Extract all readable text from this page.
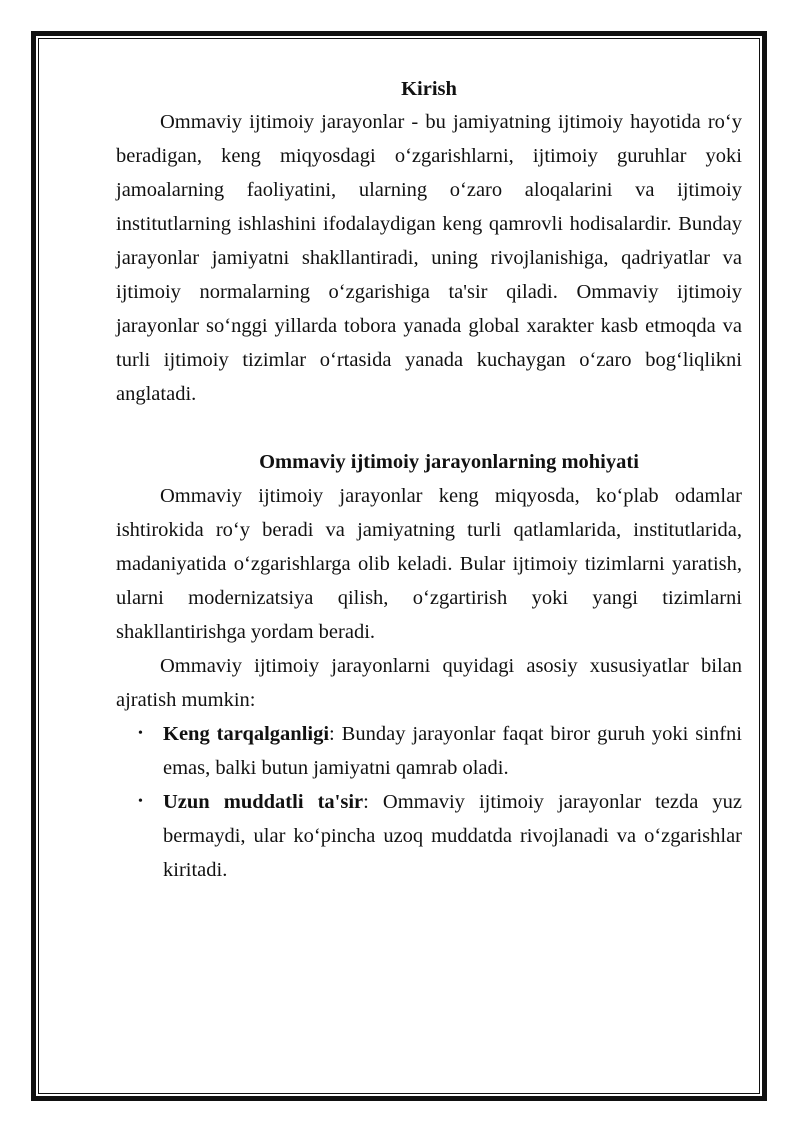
Kirish

Ommaviy ijtimoiy jarayonlar - bu jamiyatning ijtimoiy hayotida ro‘y beradigan, keng miqyosdagi o‘zgarishlarni, ijtimoiy guruhlar yoki jamoalarning faoliyatini, ularning o‘zaro aloqalarini va ijtimoiy institutlarning ishlashini ifodalaydigan keng qamrovli hodisalardir. Bunday jarayonlar jamiyatni shakllantiradi, uning rivojlanishiga, qadriyatlar va ijtimoiy normalarning o‘zgarishiga ta'sir qiladi. Ommaviy ijtimoiy jarayonlar so‘nggi yillarda tobora yanada global xarakter kasb etmoqda va turli ijtimoiy tizimlar o‘rtasida yanada kuchaygan o‘zaro bog‘liqlikni anglatadi.

Ommaviy ijtimoiy jarayonlarning mohiyati

Ommaviy ijtimoiy jarayonlar keng miqyosda, ko‘plab odamlar ishtirokida ro‘y beradi va jamiyatning turli qatlamlarida, institutlarida, madaniyatida o‘zgarishlarga olib keladi. Bular ijtimoiy tizimlarni yaratish, ularni modernizatsiya qilish, o‘zgartirish yoki yangi tizimlarni shakllantirishga yordam beradi.

Ommaviy ijtimoiy jarayonlarni quyidagi asosiy xususiyatlar bilan ajratish mumkin:

• Keng tarqalganligi: Bunday jarayonlar faqat biror guruh yoki sinfni emas, balki butun jamiyatni qamrab oladi.
• Uzun muddatli ta'sir: Ommaviy ijtimoiy jarayonlar tezda yuz bermaydi, ular ko‘pincha uzoq muddatda rivojlanadi va o‘zgarishlar kiritadi.
